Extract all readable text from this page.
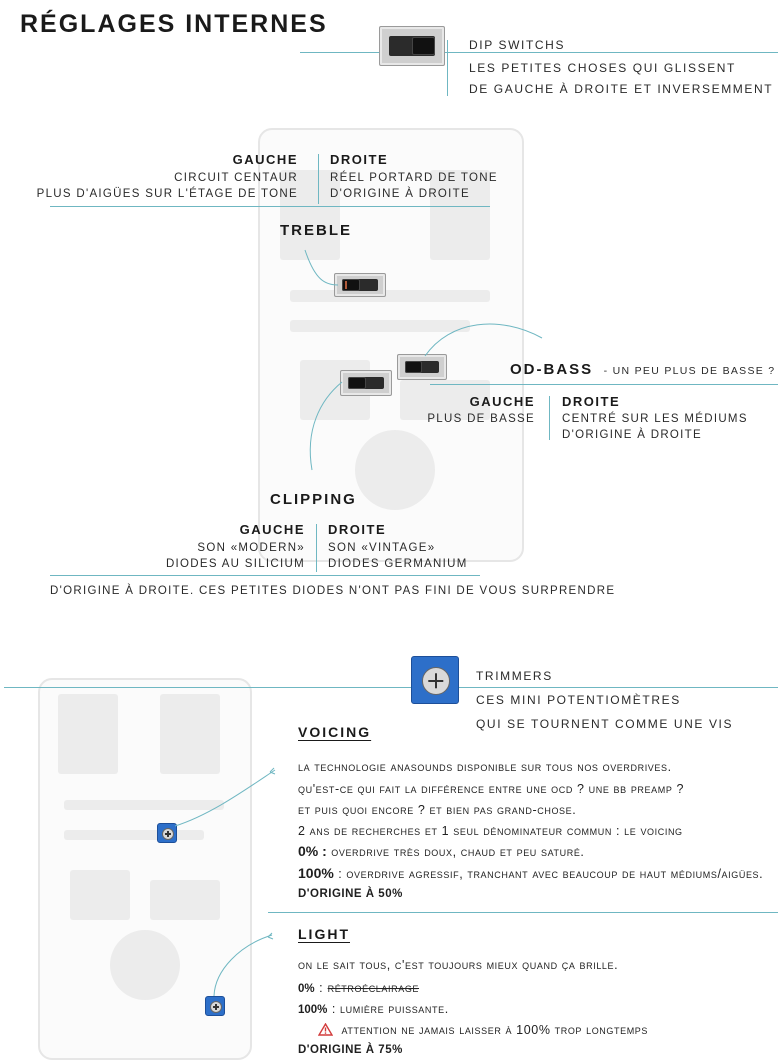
RÉGLAGES INTERNES
DIP SWITCHS
LES PETITES CHOSES QUI GLISSENT
DE GAUCHE À DROITE ET INVERSEMMENT
GAUCHE
CIRCUIT CENTAUR
PLUS D'AIGÜES SUR L'ÉTAGE DE TONE
DROITE
RÉEL PORTARD DE TONE
D'ORIGINE À DROITE
TREBLE
OD-BASS - UN PEU PLUS DE BASSE ?
GAUCHE
PLUS DE BASSE
DROITE
CENTRÉ SUR LES MÉDIUMS
D'ORIGINE À DROITE
CLIPPING
GAUCHE
SON «MODERN»
DIODES AU SILICIUM
DROITE
SON «VINTAGE»
DIODES GERMANIUM
D'ORIGINE À DROITE. CES PETITES DIODES N'ONT PAS FINI DE VOUS SURPRENDRE
TRIMMERS
CES MINI POTENTIOMÈTRES
QUI SE TOURNENT COMME UNE VIS
VOICING
la technologie anasounds disponible sur tous nos overdrives.
qu'est-ce qui fait la différence entre une ocd ? une bb preamp ?
et puis quoi encore ? et bien pas grand-chose.
2 ans de recherches et 1 seul dénominateur commun : le voicing
0% : overdrive très doux, chaud et peu saturé.
100% : overdrive agressif, tranchant avec beaucoup de haut médiums/aigües.
D'ORIGINE À 50%
LIGHT
on le sait tous, c'est toujours mieux quand ça brille.
0% : rétroéclairage
100% : lumière puissante.
attention ne jamais laisser à 100% trop longtemps
D'ORIGINE À 75%
